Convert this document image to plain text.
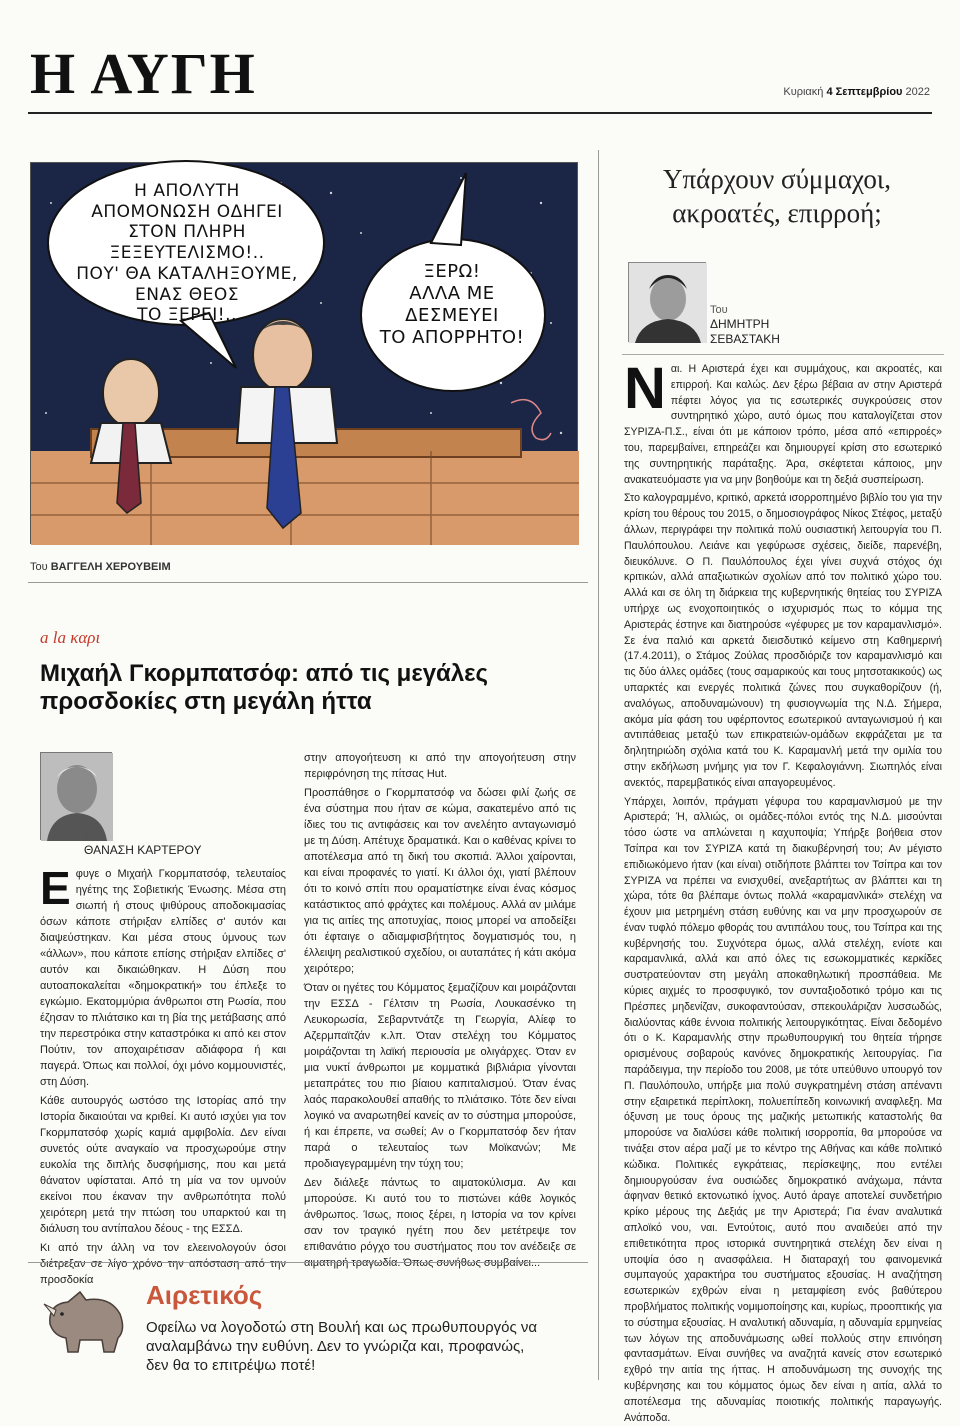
Η ΑΥΓΗ	Κυριακή 4 Σεπτεμβρίου 2022
Η ΑΠΟΛΥΤΗ
ΑΠΟΜΟΝΩΣΗ ΟΔΗΓΕΙ
ΣΤΟΝ ΠΛΗΡΗ ΞΕΞΕΥΤΕΛΙΣΜΟ!..
ΠΟΥ' ΘΑ ΚΑΤΑΛΗΞΟΥΜΕ,
ΕΝΑΣ ΘΕΟΣ
ΤΟ ΞΕΡΕΙ!..
ΞΕΡΩ!
ΑΛΛΑ ΜΕ
ΔΕΣΜΕΥΕΙ
ΤΟ ΑΠΟΡΡΗΤΟ!
Του ΒΑΓΓΕΛΗ ΧΕΡΟΥΒΕΙΜ
a la καρι
Μιχαήλ Γκορμπατσόφ: από τις μεγάλες προσδοκίες στη μεγάλη ήττα
Του
ΘΑΝΑΣΗ ΚΑΡΤΕΡΟΥ

Εφυγε ο Μιχαήλ Γκορμπατσόφ, τελευταίος ηγέτης της Σοβιετικής Ένωσης. Μέσα στη σιωπή ή στους ψιθύρους αποδοκιμασίας όσων κάποτε στήριξαν ελπίδες σ' αυτόν και διαψεύστηκαν. Και μέσα στους ύμνους των «άλλων», που κάποτε επίσης στήριξαν ελπίδες σ' αυτόν και δικαιώθηκαν. Η Δύση που αυτοαποκαλείται «δημοκρατική» του έπλεξε το εγκώμιο. Εκατομμύρια άνθρωποι στη Ρωσία, που έζησαν το πλιάτσικο και τη βία της μετάβασης από την περεστρόικα στην καταστρόικα κι από κει στον Πούτιν, τον αποχαιρέτισαν αδιάφορα ή και παγερά. Όπως και πολλοί, όχι μόνο κομμουνιστές, στη Δύση.

Κάθε αυτουργός ωστόσο της Ιστορίας από την Ιστορία δικαιούται να κριθεί. Κι αυτό ισχύει για τον Γκορμπατσόφ χωρίς καμιά αμφιβολία. Δεν είναι συνετός ούτε αναγκαίο να προσχωρούμε στην ευκολία της διπλής δυσφήμισης, που και μετά θάνατον υφίσταται. Από τη μία να τον υμνούν εκείνοι που έκαναν την ανθρωπότητα πολύ χειρότερη μετά την πτώση του υπαρκτού και τη διάλυση του αντίπαλου δέους - της ΕΣΣΔ.

Κι από την άλλη να τον ελεεινολογούν όσοι διέτρεξαν σε λίγο χρόνο την απόσταση από την προσδοκία

στην απογοήτευση κι από την απογοήτευση στην περιφρόνηση της πίτσας Hut.

Προσπάθησε ο Γκορμπατσόφ να δώσει φιλί ζωής σε ένα σύστημα που ήταν σε κώμα, σακατεμένο από τις ίδιες του τις αντιφάσεις και τον ανελέητο ανταγωνισμό με τη Δύση. Απέτυχε δραματικά. Και ο καθένας κρίνει το αποτέλεσμα από τη δική του σκοπιά. Άλλοι χαίρονται, και είναι προφανές το γιατί. Κι άλλοι όχι, γιατί βλέπουν ότι το κοινό σπίτι που οραματίστηκε είναι ένας κόσμος κατάστικτος από φράχτες και πολέμους. Αλλά αν μιλάμε για τις αιτίες της αποτυχίας, ποιος μπορεί να αποδείξει ότι έφταιγε ο αδιαμφισβήτητος δογματισμός του, η έλλειψη ρεαλιστικού σχεδίου, οι αυταπάτες ή κάτι ακόμα χειρότερο;

Όταν οι ηγέτες του Κόμματος ξεμαζίζουν και μοιράζονται την ΕΣΣΔ - Γέλτσιν τη Ρωσία, Λουκασένκο τη Λευκορωσία, Σεβαρντνάτζε τη Γεωργία, Αλίεφ το Αζερμπαϊτζάν κ.λπ. Όταν στελέχη του Κόμματος μοιράζονται τη λαϊκή περιουσία με ολιγάρχες. Όταν εν μια νυκτί άνθρωποι με κομματικά βιβλιάρια γίνονται μεταπράτες του πιο βίαιου καπιταλισμού. Όταν ένας λαός παρακολουθεί απαθής το πλιάτσικο. Τότε δεν είναι λογικό να αναρωτηθεί κανείς αν το σύστημα μπορούσε, ή και έπρεπε, να σωθεί; Αν ο Γκορμπατσόφ δεν ήταν παρά ο τελευταίος των Μοϊκανών; Με προδιαγεγραμμένη την τύχη του;

Δεν διάλεξε πάντως το αιματοκύλισμα. Αν και μπορούσε. Κι αυτό του το πιστώνει κάθε λογικός άνθρωπος. Ίσως, ποιος ξέρει, η Ιστορία να τον κρίνει σαν τον τραγικό ηγέτη που δεν μετέτρεψε τον επιθανάτιο ρόγχο του συστήματος που τον ανέδειξε σε αιματηρή τραγωδία. Όπως συνήθως συμβαίνει...

Αιρετικός
Οφείλω να λογοδοτώ στη Βουλή και ως πρωθυπουργός να αναλαμβάνω την ευθύνη. Δεν το γνώριζα και, προφανώς, δεν θα το επιτρέψω ποτέ!
Υπάρχουν σύμμαχοι, ακροατές, επιρροή;
Του
ΔΗΜΗΤΡΗ ΣΕΒΑΣΤΑΚΗ

Ναι. Η Αριστερά έχει και συμμάχους, και ακροατές, και επιρροή. Και καλώς. Δεν ξέρω βέβαια αν στην Αριστερά πέφτει λόγος για τις εσωτερικές συγκρούσεις στον συντηρητικό χώρο, αυτό όμως που καταλογίζεται στον ΣΥΡΙΖΑ-Π.Σ., είναι ότι με κάποιον τρόπο, μέσα από «επιρροές» του, παρεμβαίνει, επηρεάζει και δημιουργεί κρίση στο εσωτερικό της συντηρητικής παράταξης. Άρα, σκέφτεται κάποιος, μην ανακατευόμαστε για να μην βοηθούμε και τη δεξιά συσπείρωση.

Στο καλογραμμένο, κριτικό, αρκετά ισορροπημένο βιβλίο του για την κρίση του θέρους του 2015, ο δημοσιογράφος Νίκος Στέφος, μεταξύ άλλων, περιγράφει την πολιτικά πολύ ουσιαστική λειτουργία του Π. Παυλόπουλου. Λειάνε και γεφύρωσε σχέσεις, διείδε, παρενέβη, διευκόλυνε. Ο Π. Παυλόπουλος έχει γίνει συχνά στόχος όχι κριτικών, αλλά απαξιωτικών σχολίων από τον πολιτικό χώρο του. Αλλά και σε όλη τη διάρκεια της κυβερνητικής θητείας του ΣΥΡΙΖΑ υπήρχε ως ενοχοποιητικός ο ισχυρισμός πως το κόμμα της Αριστεράς έστηνε και διατηρούσε «γέφυρες με τον καραμανλισμό». Σε ένα παλιό και αρκετά διεισδυτικό κείμενο στη Καθημερινή (17.4.2011), ο Στάμος Ζούλας προσδιόριζε τον καραμανλισμό και τις δύο άλλες ομάδες (τους σαμαρικούς και τους μητσοτακικούς) ως υπαρκτές και ενεργές πολιτικά ζώνες που συγκαθορίζουν (ή, αναλόγως, αποδυναμώνουν) τη φυσιογνωμία της Ν.Δ. Σήμερα, ακόμα μία φάση του υφέρποντος εσωτερικού ανταγωνισμού ή και αντιπάθειας μεταξύ των επικρατειών-ομάδων εκφράζεται με τα δηλητηριώδη σχόλια κατά του Κ. Καραμανλή μετά την ομιλία του στην εκδήλωση μνήμης για τον Γ. Κεφαλογιάννη. Σιωπηλός είναι ανεκτός, παρεμβατικός είναι απαγορευμένος.

Υπάρχει, λοιπόν, πράγματι γέφυρα του καραμανλισμού με την Αριστερά; Ή, αλλιώς, οι ομάδες-πόλοι εντός της Ν.Δ. μισούνται τόσο ώστε να απλώνεται η καχυποψία; Υπήρξε βοήθεια στον Τσίπρα και τον ΣΥΡΙΖΑ κατά τη διακυβέρνησή του; Αν μέγιστο επιδιωκόμενο ήταν (και είναι) οτιδήποτε βλάπτει τον Τσίπρα και τον ΣΥΡΙΖΑ να πρέπει να ενισχυθεί, ανεξαρτήτως αν βλάπτει και τη χώρα, τότε θα βλέπαμε όντως πολλά «καραμανλικά» στελέχη να έχουν μια μετρημένη στάση ευθύνης και να μην προσχωρούν σε έναν τυφλό πόλεμο φθοράς του αντιπάλου τους, του Τσίπρα και της κυβέρνησής του. Συχνότερα όμως, αλλά στελέχη, ενίοτε και καραμανλικά, αλλά και από όλες τις εσωκομματικές κερκίδες συστρατεύονταν στη μεγάλη αποκαθηλωτική προσπάθεια. Με κύριες αιχμές το προσφυγικό, τον συνταξιοδοτικό τρόμο και τις Πρέσπες μηδενίζαν, συκοφαντούσαν, σπεκουλάριζαν λυσσωδώς, διαλύοντας κάθε έννοια πολιτικής λειτουργικότητας. Είναι δεδομένο ότι ο Κ. Καραμανλής στην πρωθυπουργική του θητεία τήρησε ορισμένους σοβαρούς κανόνες δημοκρατικής λειτουργίας. Για παράδειγμα, την περίοδο του 2008, με τότε υπεύθυνο υπουργό τον Π. Παυλόπουλο, υπήρξε μια πολύ συγκρατημένη στάση απέναντι στην εξαιρετικά περίπλοκη, πολυεπίπεδη κοινωνική αναφλεξη. Μα όξυνση με τους όρους της μαζικής μετωπικής καταστολής θα μπορούσε να διαλύσει κάθε πολιτική ισορροπία, θα μπορούσε να τινάξει στον αέρα μαζί με το κέντρο της Αθήνας και κάθε πολιτικό κώδικα. Πολιτικές εγκράτειας, περίσκεψης, που εντέλει δημιουργούσαν ένα ουσιώδες δημοκρατικό ανάχωμα, πάντα άφηναν θετικό εκτονωτικό ίχνος. Αυτό άραγε αποτελεί συνδετήριο κρίκο μέρους της Δεξιάς με την Αριστερά; Για έναν αναλυτικά απλοϊκό νου, ναι. Εντούτοις, αυτό που αναιδεύει από την επιθετικότητα προς ιστορικά συντηρητικά στελέχη δεν είναι η υποψία όσο η ανασφάλεια. Η διαταραχή του φαινομενικά συμπαγούς χαρακτήρα του συστήματος εξουσίας. Η αναζήτηση εσωτερικών εχθρών είναι η μεταμφίεση ενός βαθύτερου προβλήματος πολιτικής νομιμοποίησης και, κυρίως, προοπτικής για το σύστημα εξουσίας. Η αναλυτική αδυναμία, η αδυναμία ερμηνείας των λόγων της αποδυνάμωσης ωθεί πολλούς στην επινόηση φαντασμάτων. Είναι συνήθες να αναζητά κανείς στον εσωτερικό εχθρό την αιτία της ήττας. Η αποδυνάμωση της συνοχής της κυβέρνησης και του κόμματος όμως δεν είναι η αιτία, αλλά το αποτέλεσμα της αδυναμίας ποιοτικής πολιτικής παραγωγής. Ανάποδα.
